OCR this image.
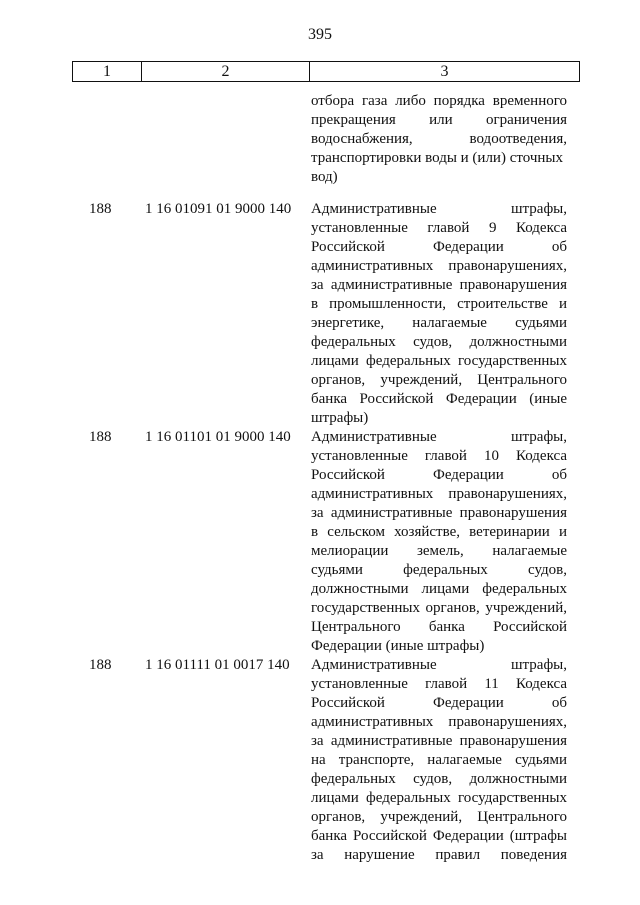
395
1	2	3
отбора газа либо порядка временного
прекращения или ограничения
водоснабжения, водоотведения,
транспортировки воды и (или) сточных
вод)
188	1 16 01091 01 9000 140	Административные штрафы,
установленные главой 9 Кодекса
Российской Федерации об
административных правонарушениях,
за административные правонарушения
в промышленности, строительстве и
энергетике, налагаемые судьями
федеральных судов, должностными
лицами федеральных государственных
органов, учреждений, Центрального
банка Российской Федерации (иные
штрафы)
188	1 16 01101 01 9000 140	Административные штрафы,
установленные главой 10 Кодекса
Российской Федерации об
административных правонарушениях,
за административные правонарушения
в сельском хозяйстве, ветеринарии и
мелиорации земель, налагаемые
судьями федеральных судов,
должностными лицами федеральных
государственных органов, учреждений,
Центрального банка Российской
Федерации (иные штрафы)
188	1 16 01111 01 0017 140	Административные штрафы,
установленные главой 11 Кодекса
Российской Федерации об
административных правонарушениях,
за административные правонарушения
на транспорте, налагаемые судьями
федеральных судов, должностными
лицами федеральных государственных
органов, учреждений, Центрального
банка Российской Федерации (штрафы
за нарушение правил поведения
